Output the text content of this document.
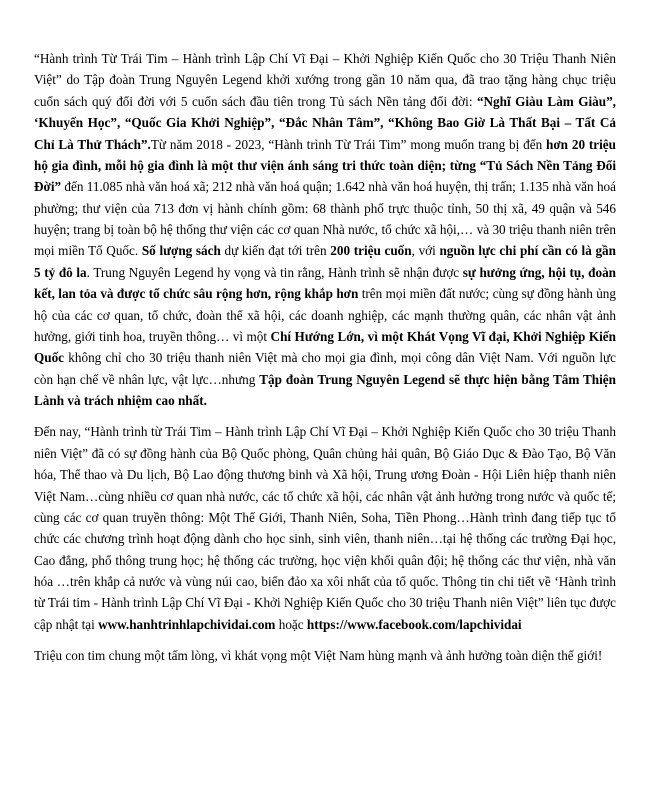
“Hành trình Từ Trái Tim – Hành trình Lập Chí Vĩ Đại – Khởi Nghiệp Kiến Quốc cho 30 Triệu Thanh Niên Việt” do Tập đoàn Trung Nguyên Legend khởi xướng trong gần 10 năm qua, đã trao tặng hàng chục triệu cuốn sách quý đổi đời với 5 cuốn sách đầu tiên trong Tủ sách Nền tảng đổi đời: “Nghĩ Giàu Làm Giàu”, ‘Khuyến Học”, “Quốc Gia Khởi Nghiệp”, “Đắc Nhân Tâm”, “Không Bao Giờ Là Thất Bại – Tất Cả Chỉ Là Thử Thách”.Từ năm 2018 - 2023, “Hành trình Từ Trái Tim” mong muốn trang bị đến hơn 20 triệu hộ gia đình, mỗi hộ gia đình là một thư viện ánh sáng tri thức toàn diện; từng “Tủ Sách Nền Tảng Đổi Đời” đến 11.085 nhà văn hoá xã; 212 nhà văn hoá quận; 1.642 nhà văn hoá huyện, thị trấn; 1.135 nhà văn hoá phường; thư viện của 713 đơn vị hành chính gồm: 68 thành phố trực thuộc tỉnh, 50 thị xã, 49 quận và 546 huyện; trang bị toàn bộ hệ thống thư viện các cơ quan Nhà nước, tổ chức xã hội,… và 30 triệu thanh niên trên mọi miền Tổ Quốc. Số lượng sách dự kiến đạt tới trên 200 triệu cuốn, với nguồn lực chi phí cần có là gần 5 tỷ đô la. Trung Nguyên Legend hy vọng và tin rằng, Hành trình sẽ nhận được sự hưởng ứng, hội tụ, đoàn kết, lan tỏa và được tổ chức sâu rộng hơn, rộng khắp hơn trên mọi miền đất nước; cùng sự đồng hành ủng hộ của các cơ quan, tổ chức, đoàn thể xã hội, các doanh nghiệp, các mạnh thường quân, các nhân vật ảnh hưởng, giới tinh hoa, truyền thông… vì một Chí Hướng Lớn, vì một Khát Vọng Vĩ đại, Khởi Nghiệp Kiến Quốc không chỉ cho 30 triệu thanh niên Việt mà cho mọi gia đình, mọi công dân Việt Nam. Với nguồn lực còn hạn chế về nhân lực, vật lực…nhưng Tập đoàn Trung Nguyên Legend sẽ thực hiện bằng Tâm Thiện Lành và trách nhiệm cao nhất.

Đến nay, “Hành trình từ Trái Tim – Hành trình Lập Chí Vĩ Đại – Khởi Nghiệp Kiến Quốc cho 30 triệu Thanh niên Việt” đã có sự đồng hành của Bộ Quốc phòng, Quân chủng hải quân, Bộ Giáo Dục & Đào Tạo, Bộ Văn hóa, Thể thao và Du lịch, Bộ Lao động thương binh và Xã hội, Trung ương Đoàn - Hội Liên hiệp thanh niên Việt Nam…cùng nhiều cơ quan nhà nước, các tổ chức xã hội, các nhân vật ảnh hưởng trong nước và quốc tế; cùng các cơ quan truyền thông: Một Thế Giới, Thanh Niên, Soha, Tiền Phong…Hành trình đang tiếp tục tổ chức các chương trình hoạt động dành cho học sinh, sinh viên, thanh niên…tại hệ thống các trường Đại học, Cao đẳng, phổ thông trung học; hệ thống các trường, học viện khối quân đội; hệ thống các thư viện, nhà văn hóa …trên khắp cả nước và vùng núi cao, biển đảo xa xôi nhất của tổ quốc. Thông tin chi tiết về ‘Hành trình từ Trái tim - Hành trình Lập Chí Vĩ Đại - Khởi Nghiệp Kiến Quốc cho 30 triệu Thanh niên Việt” liên tục được cập nhật tại www.hanhtrinhlapchividai.com hoặc https://www.facebook.com/lapchividai

Triệu con tim chung một tấm lòng, vì khát vọng một Việt Nam hùng mạnh và ảnh hưởng toàn diện thế giới!
